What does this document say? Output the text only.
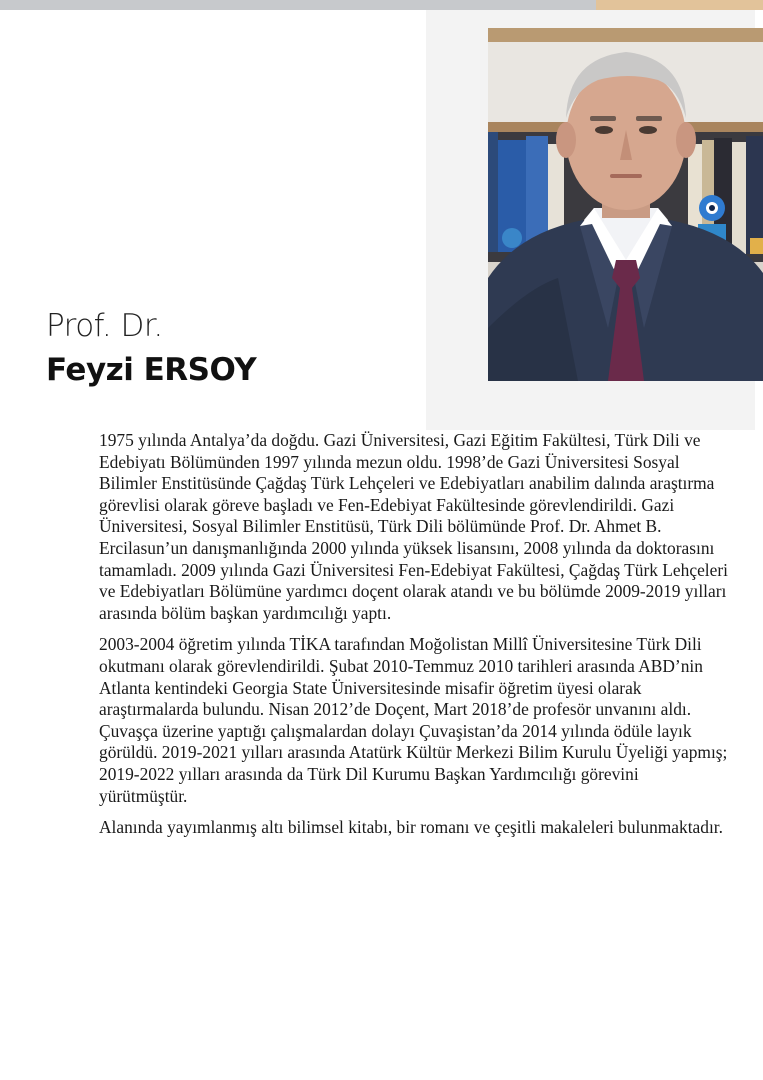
Prof. Dr.
Feyzi ERSOY

1975 yılında Antalya’da doğdu. Gazi Üniversitesi, Gazi Eğitim Fakültesi, Türk Dili ve Edebiyatı Bölümünden 1997 yılında mezun oldu. 1998’de Gazi Üniversitesi Sosyal Bilimler Enstitüsünde Çağdaş Türk Lehçeleri ve Edebiyatları anabilim dalında araştırma görevlisi olarak göreve başladı ve Fen-Edebiyat Fakültesinde görevlendirildi. Gazi Üniversitesi, Sosyal Bilimler Enstitüsü, Türk Dili bölümünde Prof. Dr. Ahmet B. Ercilasun’un danışmanlığında 2000 yılında yüksek lisansını, 2008 yılında da doktorasını tamamladı. 2009 yılında Gazi Üniversitesi Fen-Edebiyat Fakültesi, Çağdaş Türk Lehçeleri ve Edebiyatları Bölümüne yardımcı doçent olarak atandı ve bu bölümde 2009-2019 yılları arasında bölüm başkan yardımcılığı yaptı.

2003-2004 öğretim yılında TİKA tarafından Moğolistan Millî Üniversitesine Türk Dili okutmanı olarak görevlendirildi. Şubat 2010-Temmuz 2010 tarihleri arasında ABD’nin Atlanta kentindeki Georgia State Üniversitesinde misafir öğretim üyesi olarak araştırmalarda bulundu. Nisan 2012’de Doçent, Mart 2018’de profesör unvanını aldı. Çuvaşça üzerine yaptığı çalışmalardan dolayı Çuvaşistan’da 2014 yılında ödüle layık görüldü. 2019-2021 yılları arasında Atatürk Kültür Merkezi Bilim Kurulu Üyeliği yapmış; 2019-2022 yılları arasında da Türk Dil Kurumu Başkan Yardımcılığı görevini yürütmüştür.

Alanında yayımlanmış altı bilimsel kitabı, bir romanı ve çeşitli makaleleri bulunmaktadır.
